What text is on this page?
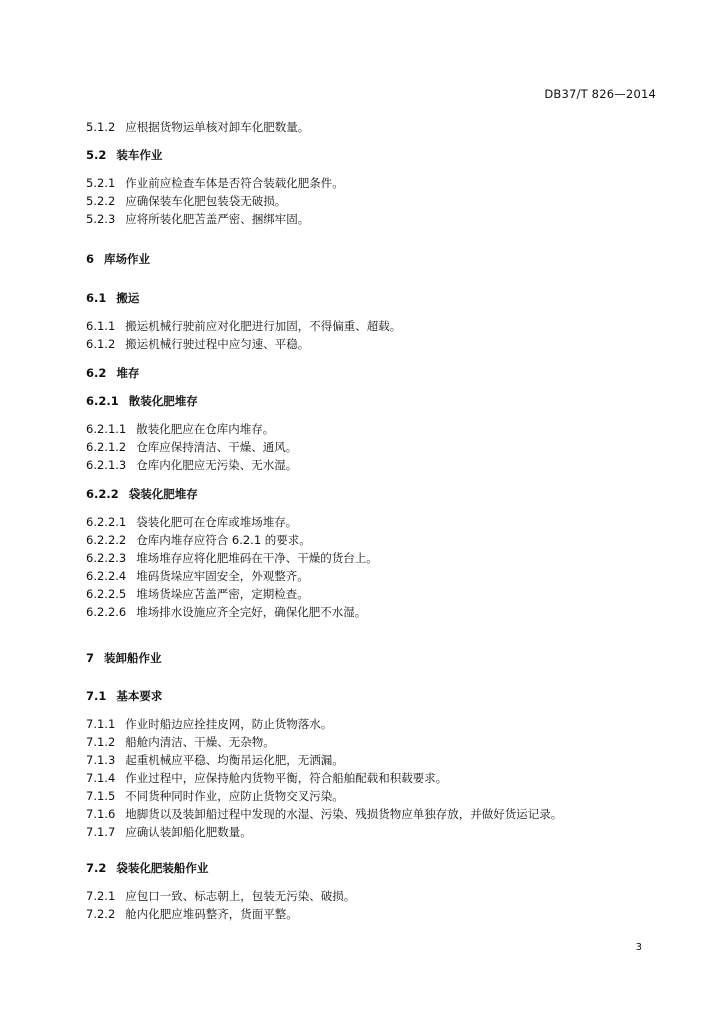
DB37/T 826—2014
5.1.2 应根据货物运单核对卸车化肥数量。
5.2 装车作业
5.2.1 作业前应检查车体是否符合装载化肥条件。
5.2.2 应确保装车化肥包装袋无破损。
5.2.3 应将所装化肥苫盖严密、捆绑牢固。
6 库场作业
6.1 搬运
6.1.1 搬运机械行驶前应对化肥进行加固，不得偏重、超载。
6.1.2 搬运机械行驶过程中应匀速、平稳。
6.2 堆存
6.2.1 散装化肥堆存
6.2.1.1 散装化肥应在仓库内堆存。
6.2.1.2 仓库应保持清洁、干燥、通风。
6.2.1.3 仓库内化肥应无污染、无水湿。
6.2.2 袋装化肥堆存
6.2.2.1 袋装化肥可在仓库或堆场堆存。
6.2.2.2 仓库内堆存应符合 6.2.1 的要求。
6.2.2.3 堆场堆存应将化肥堆码在干净、干燥的货台上。
6.2.2.4 堆码货垛应牢固安全，外观整齐。
6.2.2.5 堆场货垛应苫盖严密，定期检查。
6.2.2.6 堆场排水设施应齐全完好，确保化肥不水湿。
7 装卸船作业
7.1 基本要求
7.1.1 作业时船边应拴挂皮网，防止货物落水。
7.1.2 船舱内清洁、干燥、无杂物。
7.1.3 起重机械应平稳、均衡吊运化肥，无洒漏。
7.1.4 作业过程中，应保持舱内货物平衡，符合船舶配载和积载要求。
7.1.5 不同货种同时作业，应防止货物交叉污染。
7.1.6 地脚货以及装卸船过程中发现的水湿、污染、残损货物应单独存放，并做好货运记录。
7.1.7 应确认装卸船化肥数量。
7.2 袋装化肥装船作业
7.2.1 应包口一致、标志朝上，包装无污染、破损。
7.2.2 舱内化肥应堆码整齐，货面平整。
3
